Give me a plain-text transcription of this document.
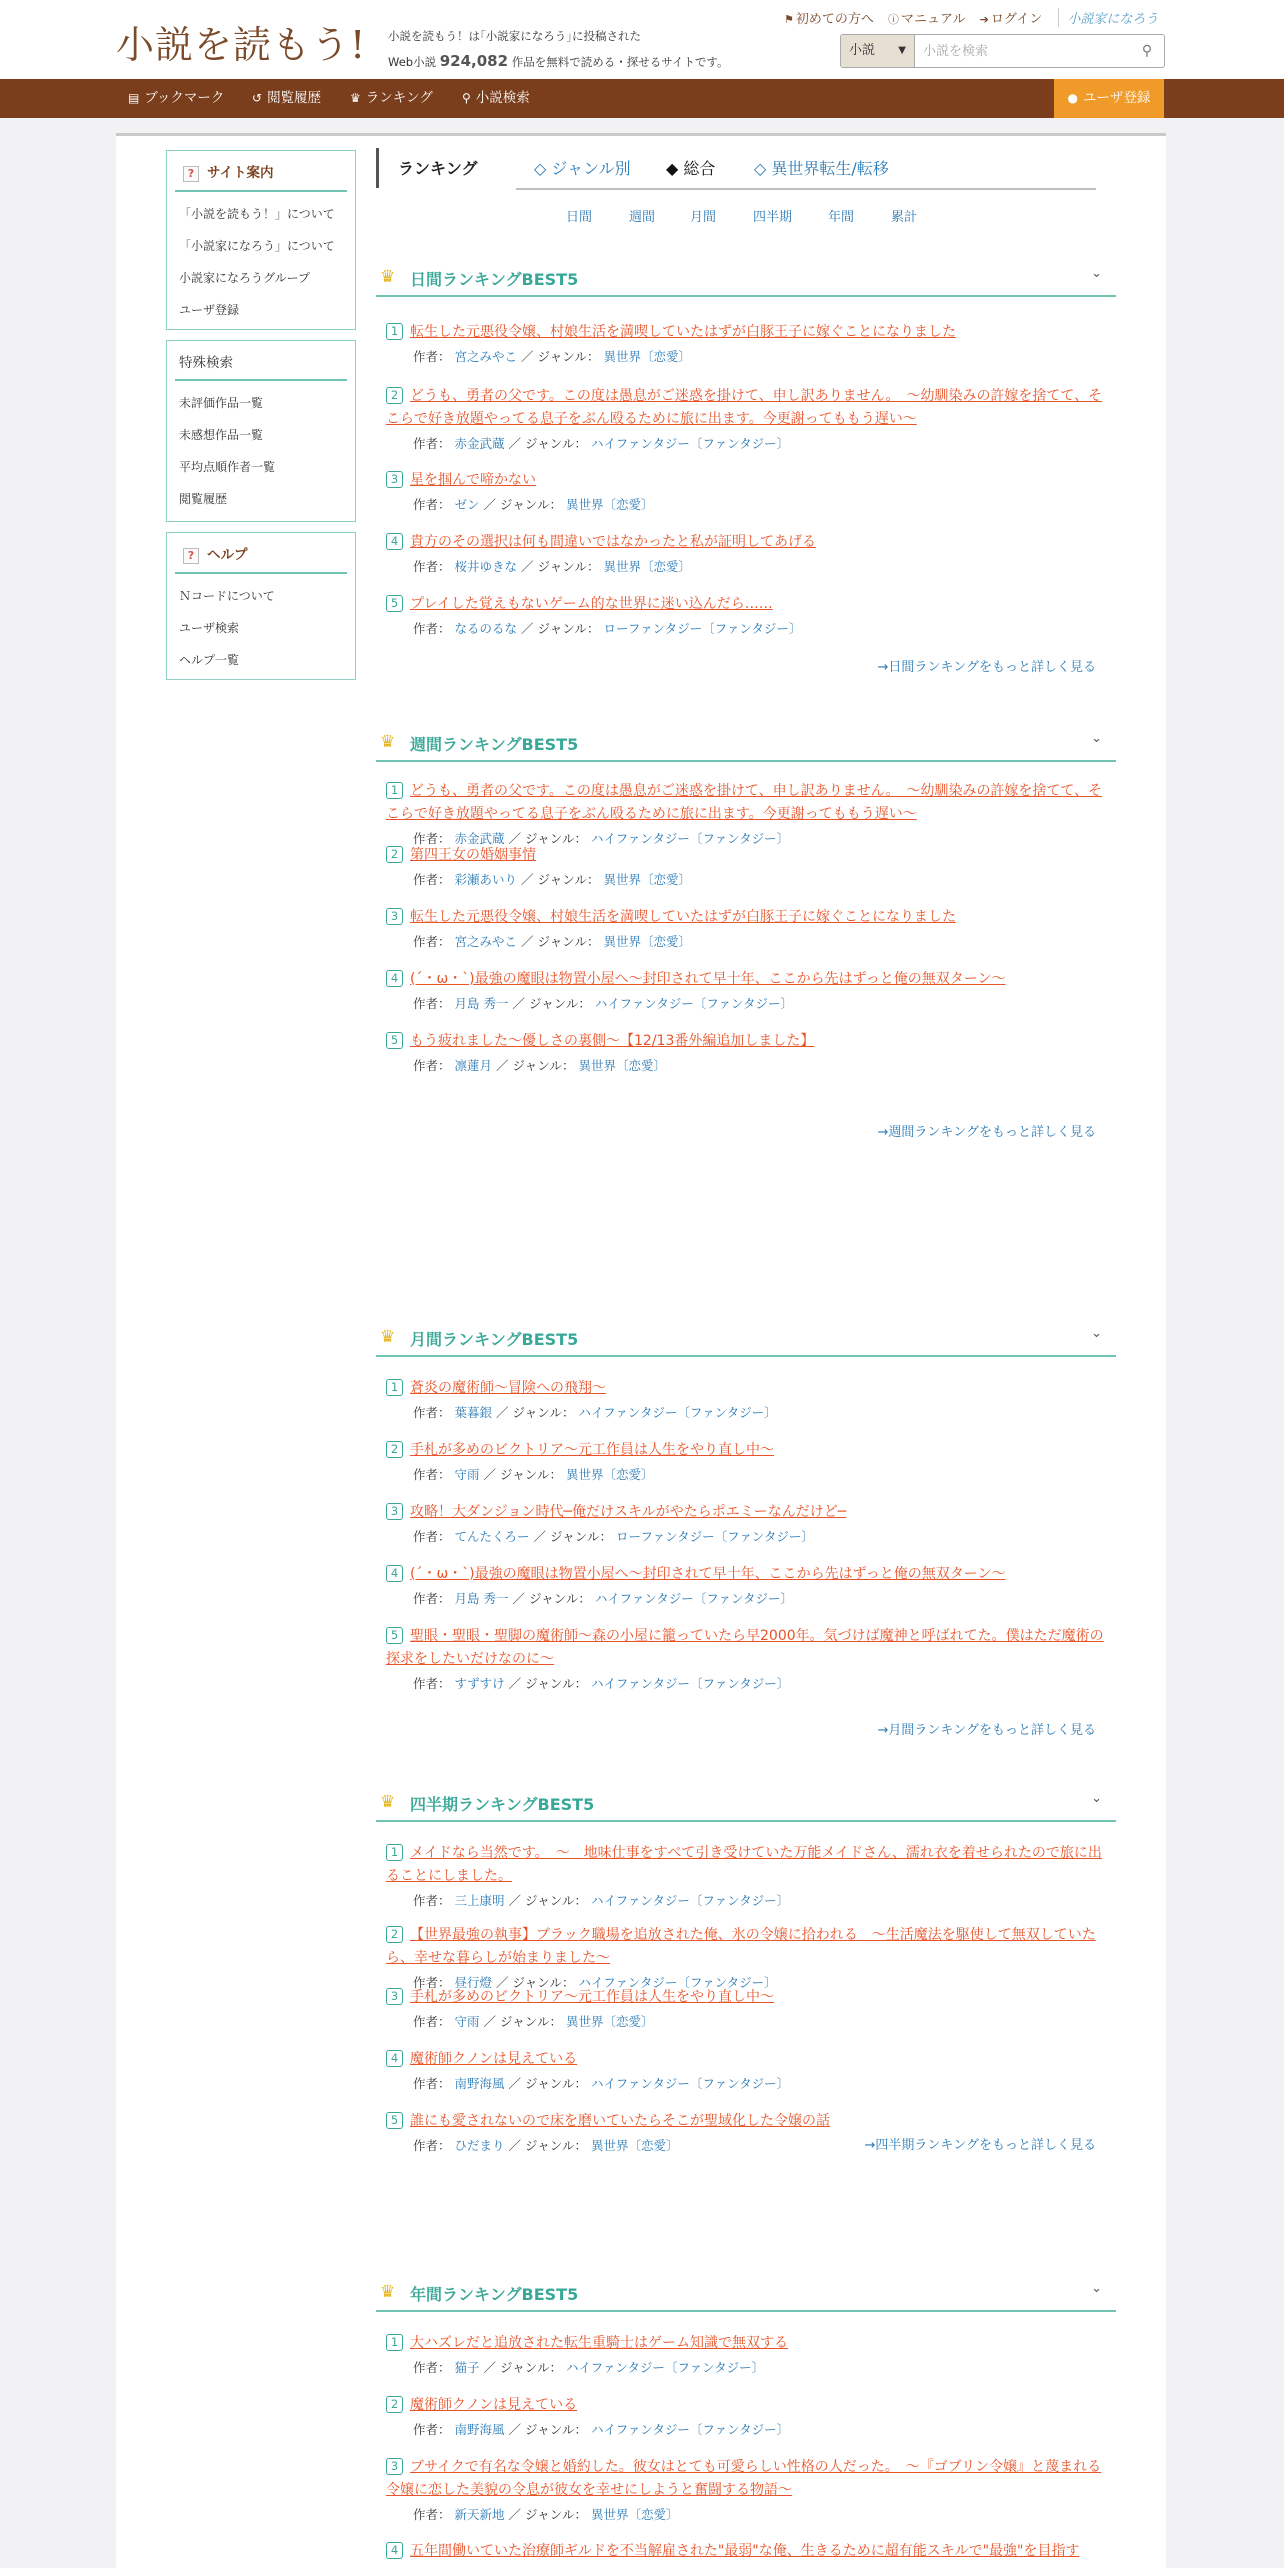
小説を読もう! 小説を読もう！は｢小説家になろう｣に投稿された
Web小説 924,082 作品を無料で読める・探せるサイトです。
⚑ 初めての方へ ⓘ マニュアル ➔ ログイン 小説家になろう
小説 ▼
小説を検索	⚲
▤ ブックマーク ↺ 閲覧履歴 ♛ ランキング ⚲ 小説検索	● ユーザ登録
? サイト案内
「小説を読もう！」について
「小説家になろう」について
小説家になろうグループ
ユーザ登録
特殊検索
未評価作品一覧
未感想作品一覧
平均点順作者一覧
閲覧履歴
? ヘルプ
Ｎコードについて
ユーザ検索
ヘルプ一覧
ランキング	◇ ジャンル別 ◆ 総合 ◇ 異世界転生/転移
日間	週間	月間	四半期	年間	累計
♛ 日間ランキングBEST5	⌄
1 転生した元悪役令嬢、村娘生活を満喫していたはずが白豚王子に嫁ぐことになりました
作者： 宮之みやこ ／ ジャンル： 異世界〔恋愛〕
2 どうも、勇者の父です。この度は愚息がご迷惑を掛けて、申し訳ありません。　～幼馴染みの許嫁を捨てて、そこらで好き放題やってる息子をぶん殴るために旅に出ます。今更謝ってももう遅い～
作者： 赤金武蔵 ／ ジャンル： ハイファンタジー〔ファンタジー〕
3 星を掴んで啼かない
作者： ゼン ／ ジャンル： 異世界〔恋愛〕
4 貴方のその選択は何も間違いではなかったと私が証明してあげる
作者： 桜井ゆきな ／ ジャンル： 異世界〔恋愛〕
5 プレイした覚えもないゲーム的な世界に迷い込んだら……
作者： なるのるな ／ ジャンル： ローファンタジー〔ファンタジー〕
→日間ランキングをもっと詳しく見る
♛ 週間ランキングBEST5	⌄
1 どうも、勇者の父です。この度は愚息がご迷惑を掛けて、申し訳ありません。　～幼馴染みの許嫁を捨てて、そこらで好き放題やってる息子をぶん殴るために旅に出ます。今更謝ってももう遅い～
作者： 赤金武蔵 ／ ジャンル： ハイファンタジー〔ファンタジー〕
2 第四王女の婚姻事情
作者： 彩瀬あいり ／ ジャンル： 異世界〔恋愛〕
3 転生した元悪役令嬢、村娘生活を満喫していたはずが白豚王子に嫁ぐことになりました
作者： 宮之みやこ ／ ジャンル： 異世界〔恋愛〕
4 (´・ω・`)最強の魔眼は物置小屋へ～封印されて早十年、ここから先はずっと俺の無双ターン～
作者： 月島 秀一 ／ ジャンル： ハイファンタジー〔ファンタジー〕
5 もう疲れました～優しさの裏側～【12/13番外編追加しました】
作者： 凛蓮月 ／ ジャンル： 異世界〔恋愛〕
→週間ランキングをもっと詳しく見る
♛ 月間ランキングBEST5	⌄
1 蒼炎の魔術師～冒険への飛翔～
作者： 葉暮銀 ／ ジャンル： ハイファンタジー〔ファンタジー〕
2 手札が多めのビクトリア～元工作員は人生をやり直し中～
作者： 守雨 ／ ジャンル： 異世界〔恋愛〕
3 攻略！大ダンジョン時代─俺だけスキルがやたらポエミーなんだけど─
作者： てんたくろー ／ ジャンル： ローファンタジー〔ファンタジー〕
4 (´・ω・`)最強の魔眼は物置小屋へ～封印されて早十年、ここから先はずっと俺の無双ターン～
作者： 月島 秀一 ／ ジャンル： ハイファンタジー〔ファンタジー〕
5 聖眼・聖眼・聖脚の魔術師～森の小屋に籠っていたら早2000年。気づけば魔神と呼ばれてた。僕はただ魔術の探求をしたいだけなのに～
作者： すずすけ ／ ジャンル： ハイファンタジー〔ファンタジー〕
→月間ランキングをもっと詳しく見る
♛ 四半期ランキングBEST5	⌄
1 メイドなら当然です。　～　地味仕事をすべて引き受けていた万能メイドさん、濡れ衣を着せられたので旅に出ることにしました。
作者： 三上康明 ／ ジャンル： ハイファンタジー〔ファンタジー〕
2 【世界最強の執事】ブラック職場を追放された俺、氷の令嬢に拾われる　～生活魔法を駆使して無双していたら、幸せな暮らしが始まりました～
作者： 昼行燈 ／ ジャンル： ハイファンタジー〔ファンタジー〕
3 手札が多めのビクトリア～元工作員は人生をやり直し中～
作者： 守雨 ／ ジャンル： 異世界〔恋愛〕
4 魔術師クノンは見えている
作者： 南野海風 ／ ジャンル： ハイファンタジー〔ファンタジー〕
5 誰にも愛されないので床を磨いていたらそこが聖域化した令嬢の話
作者： ひだまり ／ ジャンル： 異世界〔恋愛〕	→四半期ランキングをもっと詳しく見る
♛ 年間ランキングBEST5	⌄
1 大ハズレだと追放された転生重騎士はゲーム知識で無双する
作者： 猫子 ／ ジャンル： ハイファンタジー〔ファンタジー〕
2 魔術師クノンは見えている
作者： 南野海風 ／ ジャンル： ハイファンタジー〔ファンタジー〕
3 ブサイクで有名な令嬢と婚約した。彼女はとても可愛らしい性格の人だった。　～『ゴブリン令嬢』と蔑まれる令嬢に恋した美貌の令息が彼女を幸せにしようと奮闘する物語～
作者： 新天新地 ／ ジャンル： 異世界〔恋愛〕
4 五年間働いていた治療師ギルドを不当解雇された"最弱"な俺、生きるために超有能スキルで"最強"を目指す
